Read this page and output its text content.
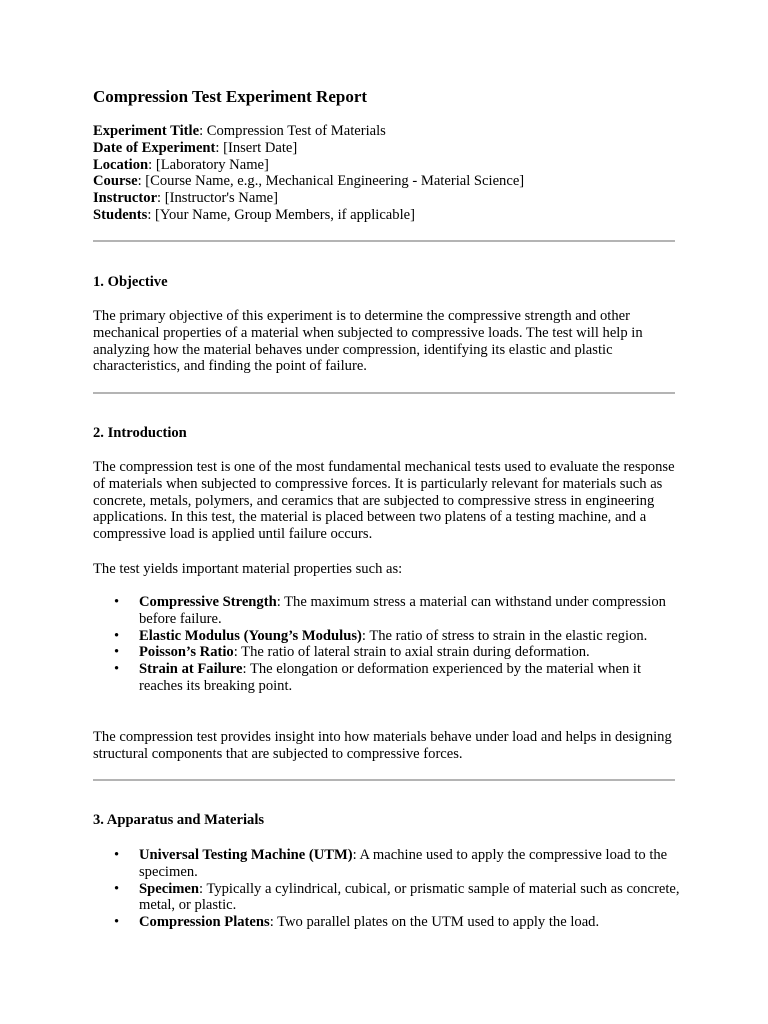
Compression Test Experiment Report
Experiment Title: Compression Test of Materials
Date of Experiment: [Insert Date]
Location: [Laboratory Name]
Course: [Course Name, e.g., Mechanical Engineering - Material Science]
Instructor: [Instructor's Name]
Students: [Your Name, Group Members, if applicable]

1. Objective

The primary objective of this experiment is to determine the compressive strength and other mechanical properties of a material when subjected to compressive loads. The test will help in analyzing how the material behaves under compression, identifying its elastic and plastic characteristics, and finding the point of failure.

2. Introduction

The compression test is one of the most fundamental mechanical tests used to evaluate the response of materials when subjected to compressive forces. It is particularly relevant for materials such as concrete, metals, polymers, and ceramics that are subjected to compressive stress in engineering applications. In this test, the material is placed between two platens of a testing machine, and a compressive load is applied until failure occurs.

The test yields important material properties such as:

• Compressive Strength: The maximum stress a material can withstand under compression before failure.
• Elastic Modulus (Young’s Modulus): The ratio of stress to strain in the elastic region.
• Poisson’s Ratio: The ratio of lateral strain to axial strain during deformation.
• Strain at Failure: The elongation or deformation experienced by the material when it reaches its breaking point.

The compression test provides insight into how materials behave under load and helps in designing structural components that are subjected to compressive forces.

3. Apparatus and Materials

• Universal Testing Machine (UTM): A machine used to apply the compressive load to the specimen.
• Specimen: Typically a cylindrical, cubical, or prismatic sample of material such as concrete, metal, or plastic.
• Compression Platens: Two parallel plates on the UTM used to apply the load.
